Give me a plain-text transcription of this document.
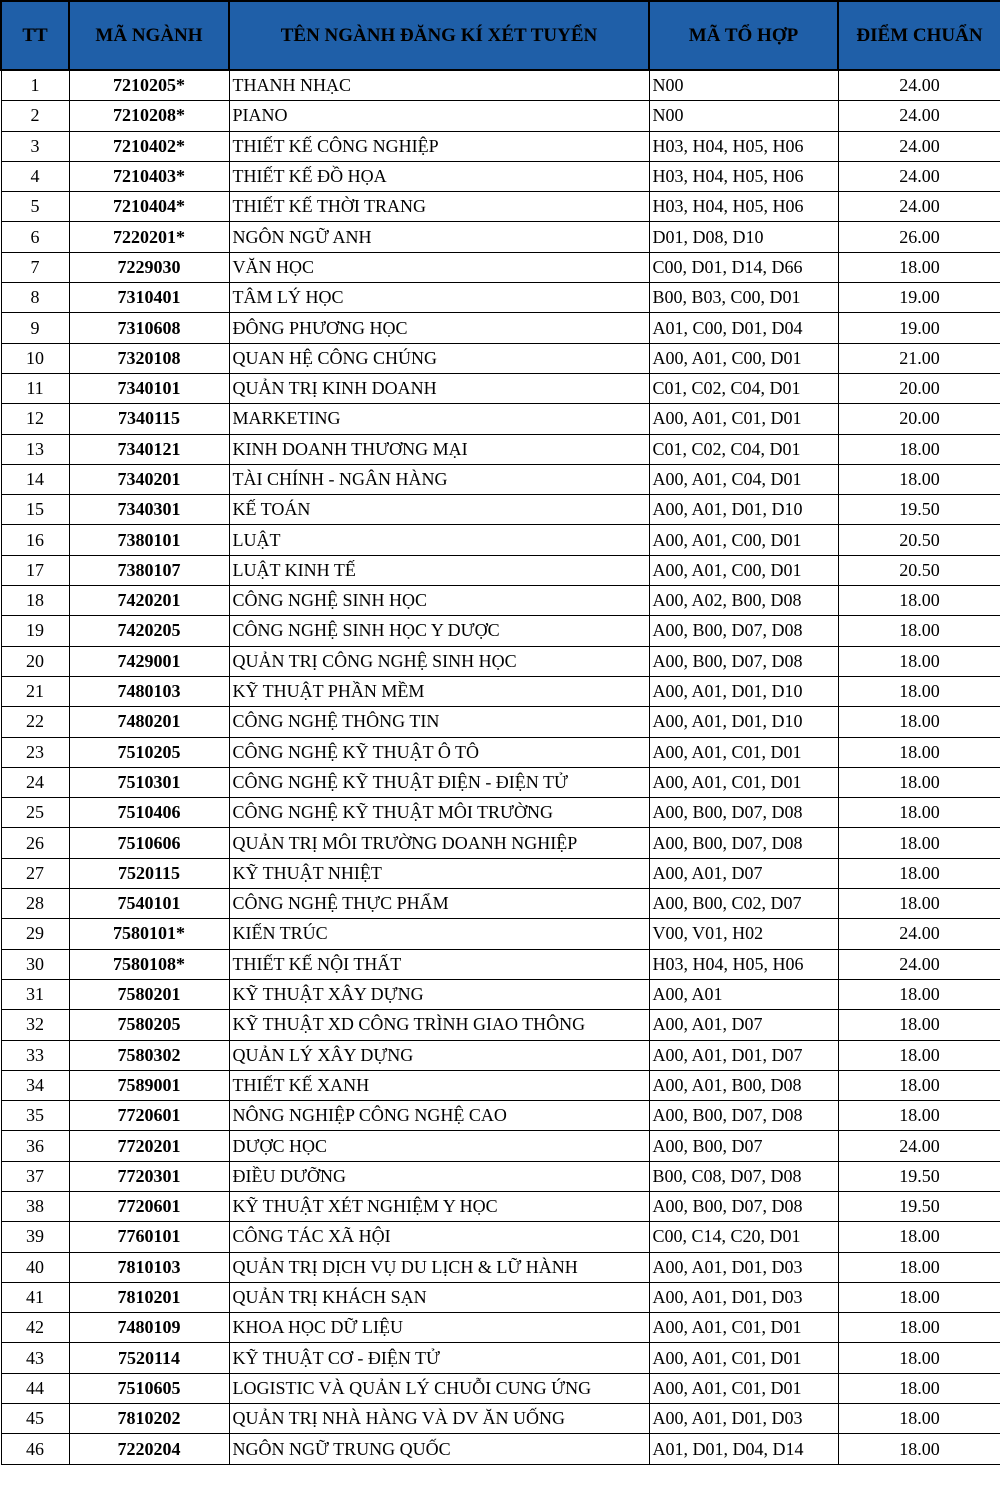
TT	MÃ NGÀNH	TÊN NGÀNH ĐĂNG KÍ XÉT TUYỂN	MÃ TỔ HỢP	ĐIỂM CHUẨN
1	7210205*	THANH NHẠC	N00	24.00
2	7210208*	PIANO	N00	24.00
3	7210402*	THIẾT KẾ CÔNG NGHIỆP	H03, H04, H05, H06	24.00
4	7210403*	THIẾT KẾ ĐỒ HỌA	H03, H04, H05, H06	24.00
5	7210404*	THIẾT KẾ THỜI TRANG	H03, H04, H05, H06	24.00
6	7220201*	NGÔN NGỮ ANH	D01, D08, D10	26.00
7	7229030	VĂN HỌC	C00, D01, D14, D66	18.00
8	7310401	TÂM LÝ HỌC	B00, B03, C00, D01	19.00
9	7310608	ĐÔNG PHƯƠNG HỌC	A01, C00, D01, D04	19.00
10	7320108	QUAN HỆ CÔNG CHÚNG	A00, A01, C00, D01	21.00
11	7340101	QUẢN TRỊ KINH DOANH	C01, C02, C04, D01	20.00
12	7340115	MARKETING	A00, A01, C01, D01	20.00
13	7340121	KINH DOANH THƯƠNG MẠI	C01, C02, C04, D01	18.00
14	7340201	TÀI CHÍNH - NGÂN HÀNG	A00, A01, C04, D01	18.00
15	7340301	KẾ TOÁN	A00, A01, D01, D10	19.50
16	7380101	LUẬT	A00, A01, C00, D01	20.50
17	7380107	LUẬT KINH TẾ	A00, A01, C00, D01	20.50
18	7420201	CÔNG NGHỆ SINH HỌC	A00, A02, B00, D08	18.00
19	7420205	CÔNG NGHỆ SINH HỌC Y DƯỢC	A00, B00, D07, D08	18.00
20	7429001	QUẢN TRỊ CÔNG NGHỆ SINH HỌC	A00, B00, D07, D08	18.00
21	7480103	KỸ THUẬT PHẦN MỀM	A00, A01, D01, D10	18.00
22	7480201	CÔNG NGHỆ THÔNG TIN	A00, A01, D01, D10	18.00
23	7510205	CÔNG NGHỆ KỸ THUẬT Ô TÔ	A00, A01, C01, D01	18.00
24	7510301	CÔNG NGHỆ KỸ THUẬT ĐIỆN - ĐIỆN TỬ	A00, A01, C01, D01	18.00
25	7510406	CÔNG NGHỆ KỸ THUẬT MÔI TRƯỜNG	A00, B00, D07, D08	18.00
26	7510606	QUẢN TRỊ MÔI TRƯỜNG DOANH NGHIỆP	A00, B00, D07, D08	18.00
27	7520115	KỸ THUẬT NHIỆT	A00, A01, D07	18.00
28	7540101	CÔNG NGHỆ THỰC PHẨM	A00, B00, C02, D07	18.00
29	7580101*	KIẾN TRÚC	V00, V01, H02	24.00
30	7580108*	THIẾT KẾ NỘI THẤT	H03, H04, H05, H06	24.00
31	7580201	KỸ THUẬT XÂY DỰNG	A00, A01	18.00
32	7580205	KỸ THUẬT XD CÔNG TRÌNH GIAO THÔNG	A00, A01, D07	18.00
33	7580302	QUẢN LÝ XÂY DỰNG	A00, A01, D01, D07	18.00
34	7589001	THIẾT KẾ XANH	A00, A01, B00, D08	18.00
35	7720601	NÔNG NGHIỆP CÔNG NGHỆ CAO	A00, B00, D07, D08	18.00
36	7720201	DƯỢC HỌC	A00, B00, D07	24.00
37	7720301	ĐIỀU DƯỠNG	B00, C08, D07, D08	19.50
38	7720601	KỸ THUẬT XÉT NGHIỆM Y HỌC	A00, B00, D07, D08	19.50
39	7760101	CÔNG TÁC XÃ HỘI	C00, C14, C20, D01	18.00
40	7810103	QUẢN TRỊ DỊCH VỤ DU LỊCH & LỮ HÀNH	A00, A01, D01, D03	18.00
41	7810201	QUẢN TRỊ KHÁCH SẠN	A00, A01, D01, D03	18.00
42	7480109	KHOA HỌC DỮ LIỆU	A00, A01, C01, D01	18.00
43	7520114	KỸ THUẬT CƠ - ĐIỆN TỬ	A00, A01, C01, D01	18.00
44	7510605	LOGISTIC VÀ QUẢN LÝ CHUỖI CUNG ỨNG	A00, A01, C01, D01	18.00
45	7810202	QUẢN TRỊ NHÀ HÀNG VÀ DV ĂN UỐNG	A00, A01, D01, D03	18.00
46	7220204	NGÔN NGỮ TRUNG QUỐC	A01, D01, D04, D14	18.00
